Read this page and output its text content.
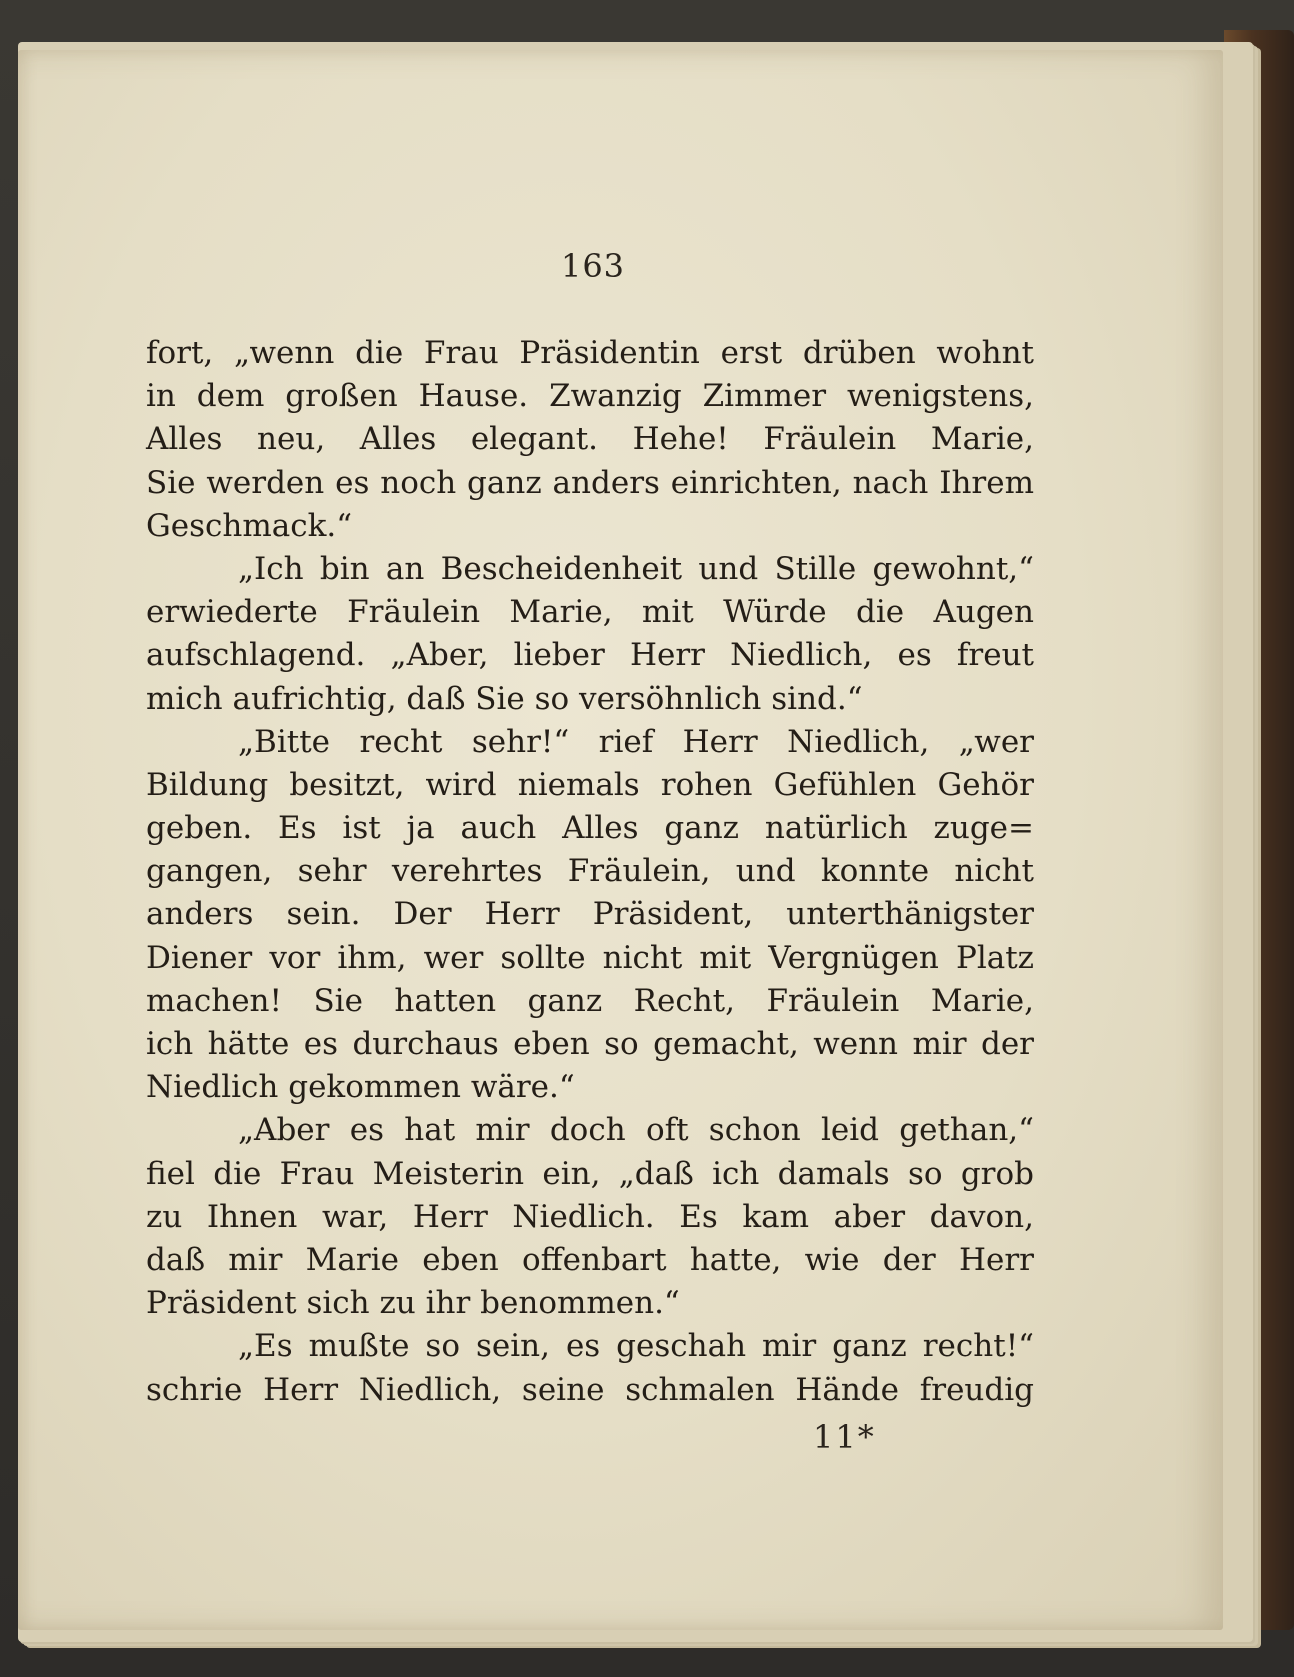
163
fort, „wenn die Frau Präsidentin erst drüben wohnt
in dem großen Hause. Zwanzig Zimmer wenigstens,
Alles neu, Alles elegant. Hehe! Fräulein Marie,
Sie werden es noch ganz anders einrichten, nach Ihrem
Geschmack.“
„Ich bin an Bescheidenheit und Stille gewohnt,“
erwiederte Fräulein Marie, mit Würde die Augen
aufschlagend. „Aber, lieber Herr Niedlich, es freut
mich aufrichtig, daß Sie so versöhnlich sind.“
„Bitte recht sehr!“ rief Herr Niedlich, „wer
Bildung besitzt, wird niemals rohen Gefühlen Gehör
geben. Es ist ja auch Alles ganz natürlich zuge=
gangen, sehr verehrtes Fräulein, und konnte nicht
anders sein. Der Herr Präsident, unterthänigster
Diener vor ihm, wer sollte nicht mit Vergnügen Platz
machen! Sie hatten ganz Recht, Fräulein Marie,
ich hätte es durchaus eben so gemacht, wenn mir der
Niedlich gekommen wäre.“
„Aber es hat mir doch oft schon leid gethan,“
fiel die Frau Meisterin ein, „daß ich damals so grob
zu Ihnen war, Herr Niedlich. Es kam aber davon,
daß mir Marie eben offenbart hatte, wie der Herr
Präsident sich zu ihr benommen.“
„Es mußte so sein, es geschah mir ganz recht!“
schrie Herr Niedlich, seine schmalen Hände freudig
11*
